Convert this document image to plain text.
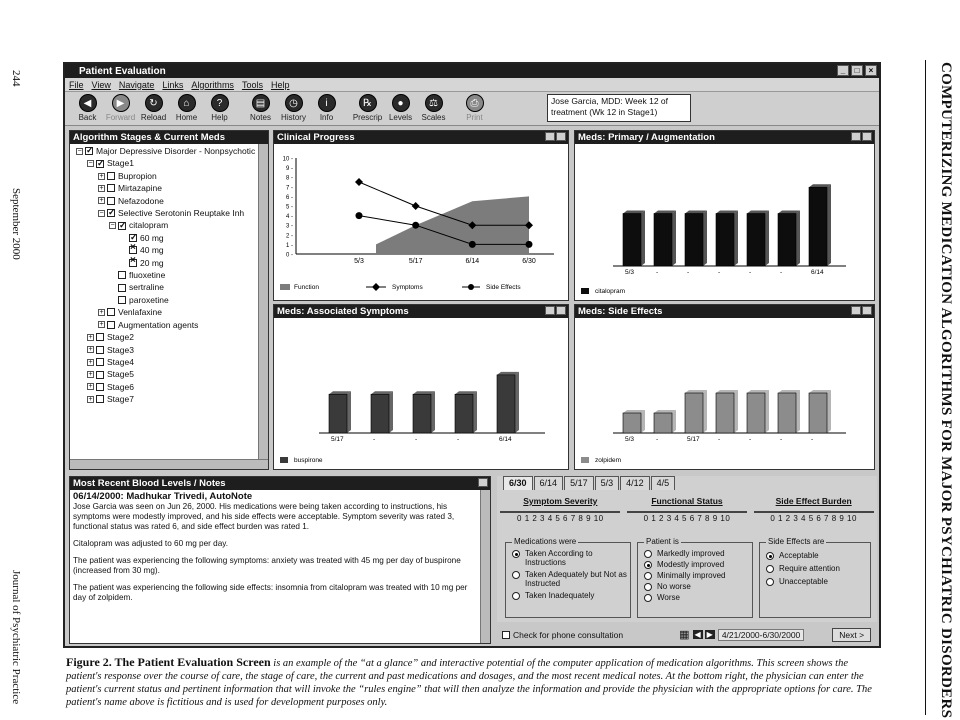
244
September 2000
Journal of Psychiatric Practice	COMPUTERIZING MEDICATION ALGORITHMS FOR MAJOR PSYCHIATRIC DISORDERS
Patient Evaluation	_	□	×
File View Navigate Links Algorithms Tools Help
◀
Back
▶
Forward
↻
Reload
⌂
Home
?
Help
▤
Notes
◷
History
i
Info
℞
Prescrip
●
Levels
⚖
Scales
⎙
Print
Jose Garcia, MDD: Week 12 of treatment (Wk 12 in Stage1)
Algorithm Stages & Current Meds
− ✓ Major Depressive Disorder - Nonpsychotic
− ✓ Stage1
+ Bupropion
+ Mirtazapine
+ Nefazodone
− ✓ Selective Serotonin Reuptake Inh
− ✓ citalopram
✓
60 mg
×
40 mg
×
20 mg
fluoxetine
sertraline
paroxetine
+ Venlafaxine
+ Augmentation agents
+ Stage2
+ Stage3
+ Stage4
+ Stage5
+ Stage6
+ Stage7
Clinical Progress
0 -
1 -
2 -
3 -
4 -
5 -
6 -
7 -
8 -
9 -
10 -
5/3	5/17	6/14	6/30
Function	Symptoms	Side Effects
Meds: Primary / Augmentation
5/3	-	-	-	-	-	6/14
citalopram
Meds: Associated Symptoms
5/17	-	-	-	6/14
buspirone
Meds: Side Effects
5/3	-	5/17	-	-	-	-
zolpidem
Most Recent Blood Levels / Notes
06/14/2000: Madhukar Trivedi, AutoNote

Jose Garcia was seen on Jun 26, 2000. His medications were being taken according to instructions, his symptoms were modestly improved, and his side effects were acceptable. Symptom severity was rated 3, functional status was rated 6, and side effect burden was rated 1.

Citalopram was adjusted to 60 mg per day.

The patient was experiencing the following symptoms: anxiety was treated with 45 mg per day of buspirone (increased from 30 mg).

The patient was experiencing the following side effects: insomnia from citalopram was treated with 10 mg per day of zolpidem.

6/30	6/14	5/17	5/3	4/12	4/5
Symptom Severity
0 1 2 3 4 5 6 7 8 9 10
Functional Status
0 1 2 3 4 5 6 7 8 9 10
Side Effect Burden
0 1 2 3 4 5 6 7 8 9 10
Medications were
Taken According to Instructions
Taken Adequately but Not as Instructed
Taken Inadequately
Patient is
Markedly improved
Modestly improved
Minimally improved
No worse
Worse
Side Effects are
Acceptable
Require attention
Unacceptable
Check for phone consultation	▦ ◀ ▶	4/21/2000-6/30/2000	Next >
Figure 2. The Patient Evaluation Screen is an example of the “at a glance” and interactive potential of the computer application of medication algorithms. This screen shows the patient's response over the course of care, the stage of care, the current and past medications and dosages, and the most recent medical notes. At the bottom right, the physician can enter the patient's current status and pertinent information that will invoke the “rules engine” that will then analyze the information and provide the physician with the appropriate options for care. The patient's name above is fictitious and is used for development purposes only.
